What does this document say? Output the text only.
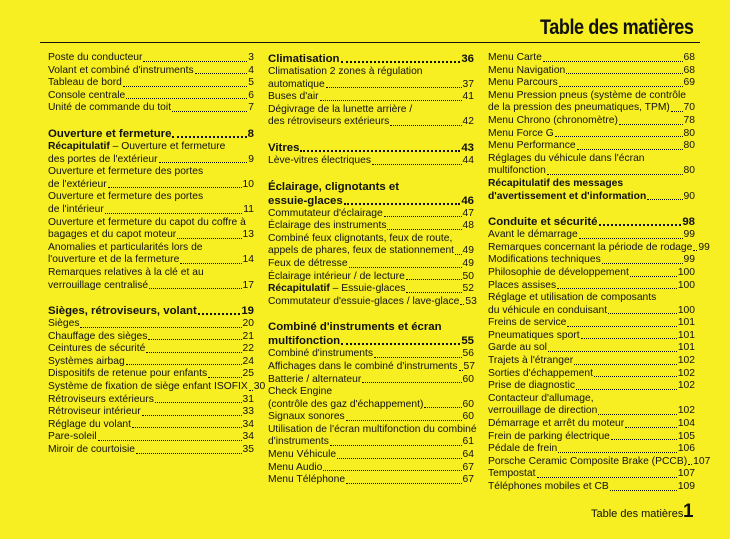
Table des matières
Poste du conducteur	3
Volant et combiné d'instruments	4
Tableau de bord	5
Console centrale	6
Unité de commande du toit	7
Ouverture et fermeture	8
Récapitulatif – Ouverture et fermeture
des portes de l'extérieur	9
Ouverture et fermeture des portes
de l'extérieur	10
Ouverture et fermeture des portes
de l'intérieur	11
Ouverture et fermeture du capot du coffre à
bagages et du capot moteur	13
Anomalies et particularités lors de
l'ouverture et de la fermeture	14
Remarques relatives à la clé et au
verrouillage centralisé	17
Sièges, rétroviseurs, volant	19
Sièges	20
Chauffage des sièges	21
Ceintures de sécurité	22
Systèmes airbag	24
Dispositifs de retenue pour enfants	25
Système de fixation de siège enfant ISOFIX 30
Rétroviseurs extérieurs	31
Rétroviseur intérieur	33
Réglage du volant	34
Pare-soleil	34
Miroir de courtoisie	35
Climatisation	36
Climatisation 2 zones à régulation
automatique	37
Buses d'air	41
Dégivrage de la lunette arrière /
des rétroviseurs extérieurs	42
Vitres	43
Lève-vitres électriques	44
Éclairage, clignotants et
essuie-glaces	46
Commutateur d'éclairage	47
Éclairage des instruments	48
Combiné feux clignotants, feux de route,
appels de phares, feux de stationnement 49
Feux de détresse	49
Éclairage intérieur / de lecture	50
Récapitulatif – Essuie-glaces	52
Commutateur d'essuie-glaces / lave-glace 53
Combiné d'instruments et écran
multifonction	55
Combiné d'instruments	56
Affichages dans le combiné d'instruments 57
Batterie / alternateur	60
Check Engine
(contrôle des gaz d'échappement)	60
Signaux sonores	60
Utilisation de l'écran multifonction du combiné
d'instruments	61
Menu Véhicule	64
Menu Audio	67
Menu Téléphone	67
Menu Carte	68
Menu Navigation	68
Menu Parcours	69
Menu Pression pneus (système de contrôle
de la pression des pneumatiques, TPM) 70
Menu Chrono (chronomètre)	78
Menu Force G	80
Menu Performance	80
Réglages du véhicule dans l'écran
multifonction	80
Récapitulatif des messages
d'avertissement et d'information	90
Conduite et sécurité	98
Avant le démarrage	99
Remarques concernant la période de rodage 99
Modifications techniques	99
Philosophie de développement	100
Places assises	100
Réglage et utilisation de composants
du véhicule en conduisant	100
Freins de service	101
Pneumatiques sport	101
Garde au sol	101
Trajets à l'étranger	102
Sorties d'échappement	102
Prise de diagnostic	102
Contacteur d'allumage,
verrouillage de direction	102
Démarrage et arrêt du moteur	104
Frein de parking électrique	105
Pédale de frein	106
Porsche Ceramic Composite Brake (PCCB) 107
Tempostat	107
Téléphones mobiles et CB	109
Table des matières 1
